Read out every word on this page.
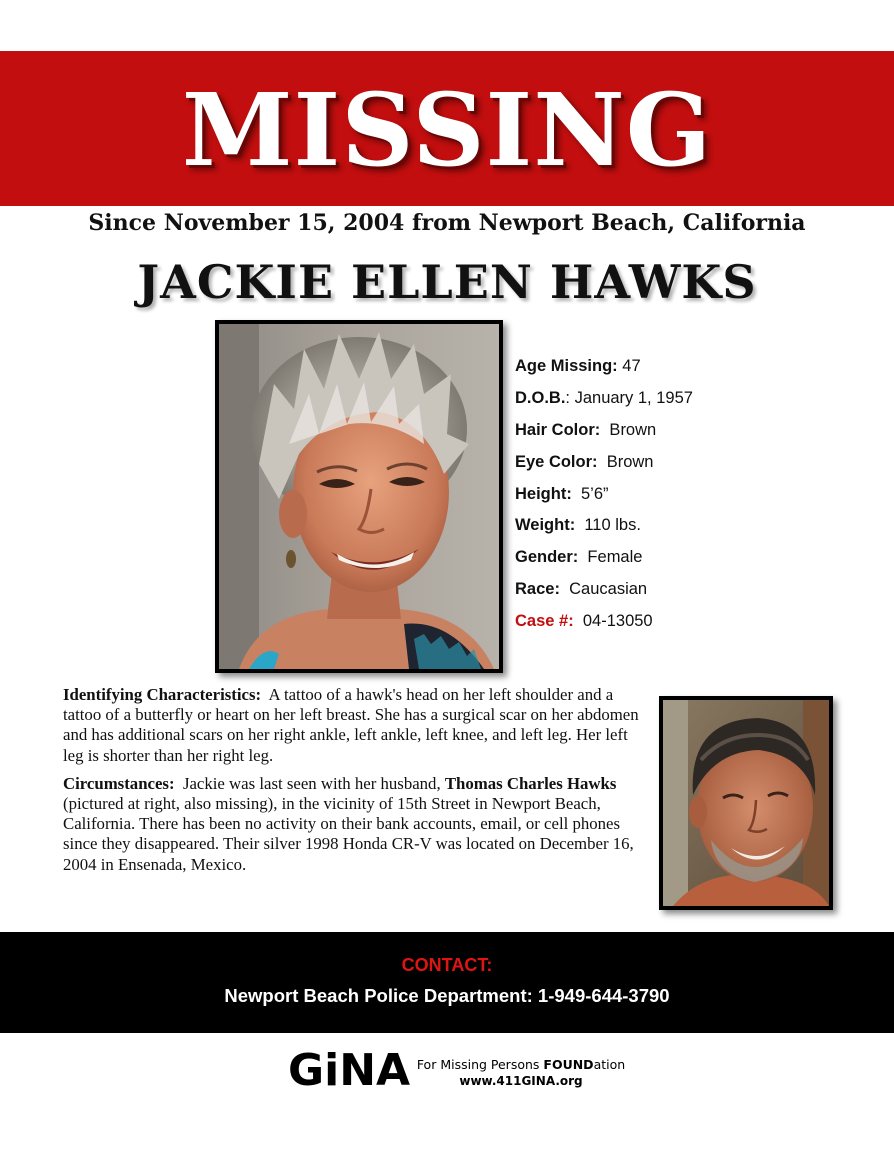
MISSING
Since November 15, 2004 from Newport Beach, California
JACKIE ELLEN HAWKS
Age Missing: 47
D.O.B.: January 1, 1957
Hair Color:  Brown
Eye Color:  Brown
Height:  5’6”
Weight:  110 lbs.
Gender:  Female
Race:  Caucasian
Case #:  04-13050

Identifying Characteristics:  A tattoo of a hawk's head on her left shoulder and a tattoo of a butterfly or heart on her left breast. She has a surgical scar on her abdomen and has additional scars on her right ankle, left ankle, left knee, and left leg. Her left leg is shorter than her right leg.

Circumstances:  Jackie was last seen with her husband, Thomas Charles Hawks (pictured at right, also missing), in the vicinity of 15th Street in Newport Beach, California. There has been no activity on their bank accounts, email, or cell phones since they disappeared. Their silver 1998 Honda CR-V was located on December 16, 2004 in Ensenada, Mexico.

CONTACT:
Newport Beach Police Department: 1-949-644-3790
GiNA For Missing Persons FOUNDation
www.411GINA.org
